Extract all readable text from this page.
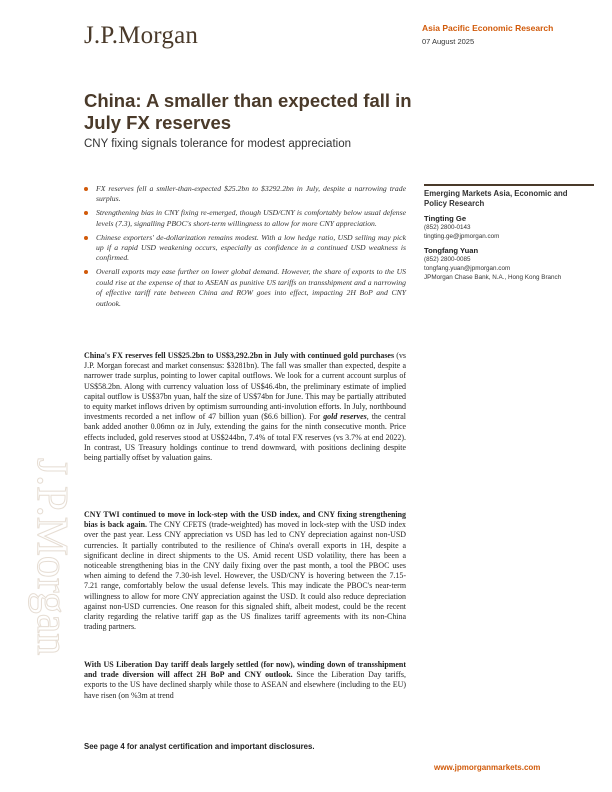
J.P.Morgan	Asia Pacific Economic Research
07 August 2025
China: A smaller than expected fall in July FX reserves
CNY fixing signals tolerance for modest appreciation
J.P.Morgan
FX reserves fell a smller-than-expected $25.2bn to $3292.2bn in July, despite a narrowing trade surplus.
Strengthening bias in CNY fixing re-emerged, though USD/CNY is comfortably below usual defense levels (7.3), signalling PBOC's short-term willingness to allow for more CNY appreciation.
Chinese exporters' de-dollarization remains modest. With a low hedge ratio, USD selling may pick up if a rapid USD weakening occurs, especially as confidence in a continued USD weakness is confirmed.
Overall exports may ease further on lower global demand. However, the share of exports to the US could rise at the expense of that to ASEAN as punitive US tariffs on transshipment and a narrowing of effective tariff rate between China and ROW goes into effect, impacting 2H BoP and CNY outlook.
China's FX reserves fell US$25.2bn to US$3,292.2bn in July with continued gold purchases (vs J.P. Morgan forecast and market consensus: $3281bn). The fall was smaller than expected, despite a narrower trade surplus, pointing to lower capital outflows. We look for a current account surplus of US$58.2bn. Along with currency valuation loss of US$46.4bn, the preliminary estimate of implied capital outflow is US$37bn yuan, half the size of US$74bn for June. This may be partially attributed to equity market inflows driven by optimism surrounding anti-involution efforts. In July, northbound investments recorded a net inflow of 47 billion yuan ($6.6 billion). For gold reserves, the central bank added another 0.06mn oz in July, extending the gains for the ninth consecutive month. Price effects included, gold reserves stood at US$244bn, 7.4% of total FX reserves (vs 3.7% at end 2022). In contrast, US Treasury holdings continue to trend downward, with positions declining despite being partially offset by valuation gains.
CNY TWI continued to move in lock-step with the USD index, and CNY fixing strengthening bias is back again. The CNY CFETS (trade-weighted) has moved in lock-step with the USD index over the past year. Less CNY appreciation vs USD has led to CNY depreciation against non-USD currencies. It partially contributed to the resilience of China's overall exports in 1H, despite a significant decline in direct shipments to the US. Amid recent USD volatility, there has been a noticeable strengthening bias in the CNY daily fixing over the past month, a tool the PBOC uses when aiming to defend the 7.30-ish level. However, the USD/CNY is hovering between the 7.15-7.21 range, comfortably below the usual defense levels. This may indicate the PBOC's near-term willingness to allow for more CNY appreciation against the USD. It could also reduce depreciation against non-USD currencies. One reason for this signaled shift, albeit modest, could be the recent clarity regarding the relative tariff gap as the US finalizes tariff agreements with its non-China trading partners.
With US Liberation Day tariff deals largely settled (for now), winding down of transshipment and trade diversion will affect 2H BoP and CNY outlook. Since the Liberation Day tariffs, exports to the US have declined sharply while those to ASEAN and elsewhere (including to the EU) have risen (on %3m at trend
See page 4 for analyst certification and important disclosures.
www.jpmorganmarkets.com
Emerging Markets Asia, Economic and Policy Research
Tingting Ge
(852) 2800-0143
tingting.ge@jpmorgan.com
Tongfang Yuan
(852) 2800-0085
tongfang.yuan@jpmorgan.com
JPMorgan Chase Bank, N.A., Hong Kong Branch
